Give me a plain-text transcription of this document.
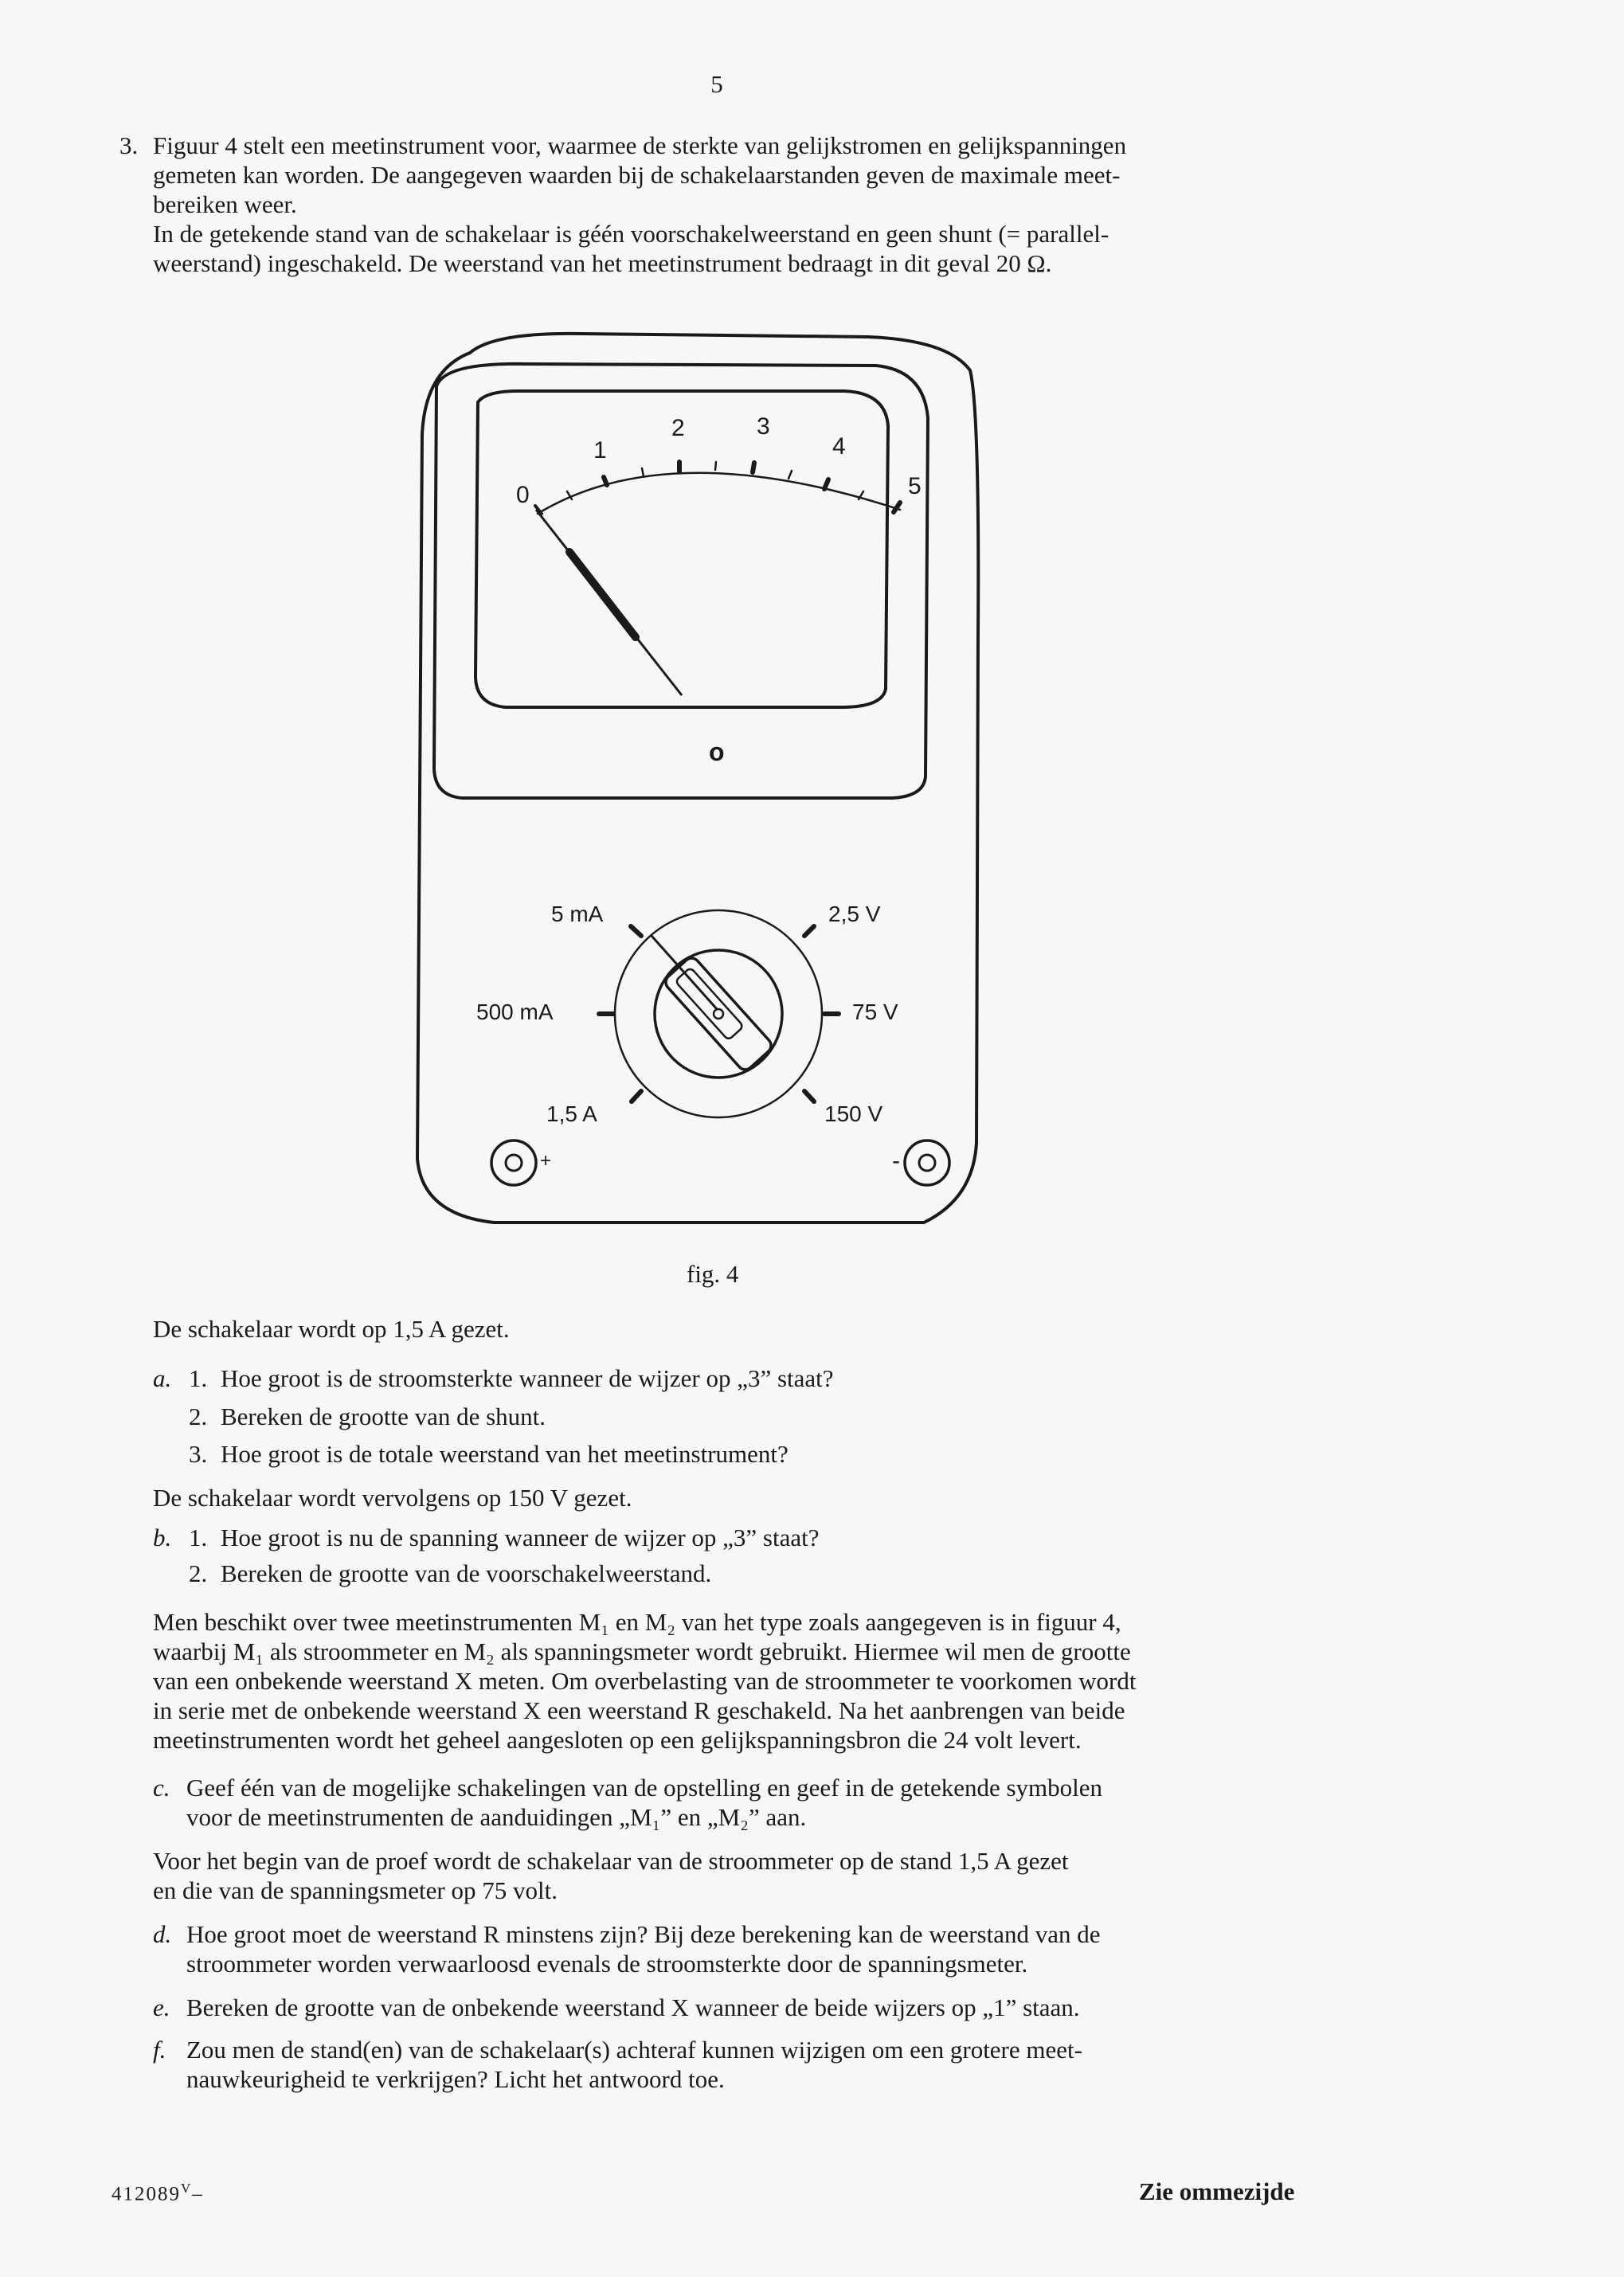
5

3. Figuur 4 stelt een meetinstrument voor, waarmee de sterkte van gelijkstromen en gelijkspanningen

gemeten kan worden. De aangegeven waarden bij de schakelaarstanden geven de maximale meet-

bereiken weer.

In de getekende stand van de schakelaar is géén voorschakelweerstand en geen shunt (= parallel-

weerstand) ingeschakeld. De weerstand van het meetinstrument bedraagt in dit geval 20 Ω.

0
1
2	3
4
5
o
5 mA	2,5 V
500 mA	75 V
1,5 A	150 V
+	-
fig. 4
De schakelaar wordt op 1,5 A gezet.
a. 1. Hoe groot is de stroomsterkte wanneer de wijzer op „3” staat?
2. Bereken de grootte van de shunt.
3. Hoe groot is de totale weerstand van het meetinstrument?
De schakelaar wordt vervolgens op 150 V gezet.
b. 1. Hoe groot is nu de spanning wanneer de wijzer op „3” staat?
2. Bereken de grootte van de voorschakelweerstand.

Men beschikt over twee meetinstrumenten M₁ en M₂ van het type zoals aangegeven is in figuur 4,

waarbij M₁ als stroommeter en M₂ als spanningsmeter wordt gebruikt. Hiermee wil men de grootte

van een onbekende weerstand X meten. Om overbelasting van de stroommeter te voorkomen wordt

in serie met de onbekende weerstand X een weerstand R geschakeld. Na het aanbrengen van beide

meetinstrumenten wordt het geheel aangesloten op een gelijkspanningsbron die 24 volt levert.

c. Geef één van de mogelijke schakelingen van de opstelling en geef in de getekende symbolen
voor de meetinstrumenten de aanduidingen „M₁” en „M₂” aan.

Voor het begin van de proef wordt de schakelaar van de stroommeter op de stand 1,5 A gezet

en die van de spanningsmeter op 75 volt.

d. Hoe groot moet de weerstand R minstens zijn? Bij deze berekening kan de weerstand van de
stroommeter worden verwaarloosd evenals de stroomsterkte door de spanningsmeter.
e. Bereken de grootte van de onbekende weerstand X wanneer de beide wijzers op „1” staan.
f. Zou men de stand(en) van de schakelaar(s) achteraf kunnen wijzigen om een grotere meet-
nauwkeurigheid te verkrijgen? Licht het antwoord toe.
$412089^V-$	Zie ommezijde
